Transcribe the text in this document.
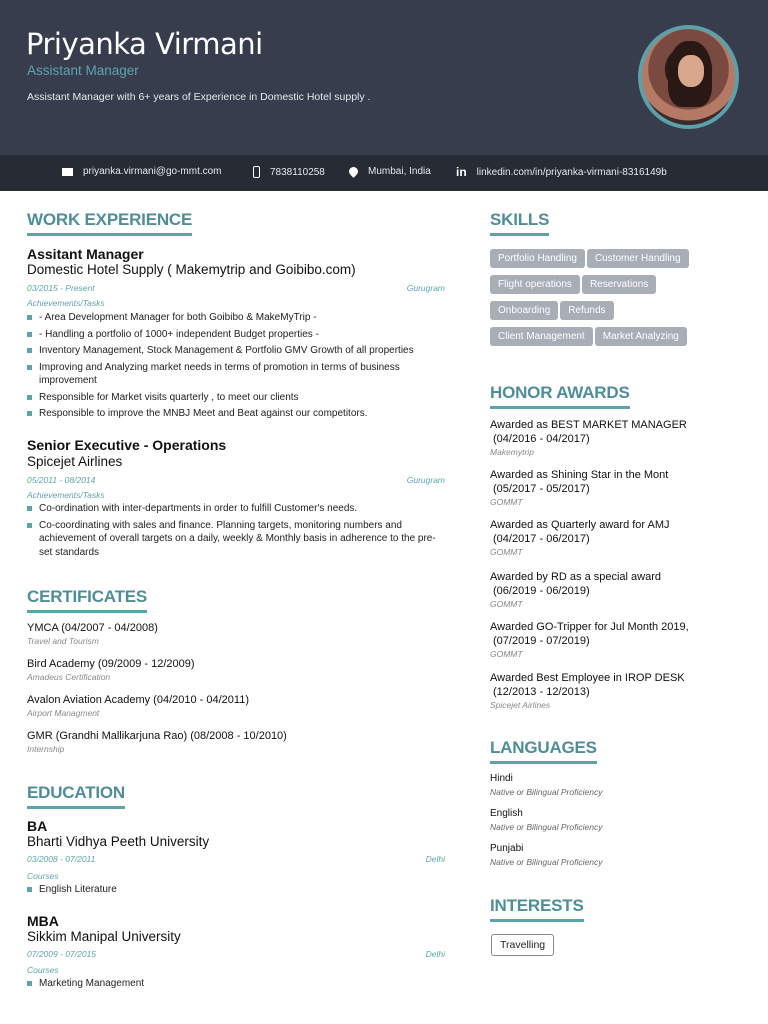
Priyanka Virmani
Assistant Manager
Assistant Manager with 6+ years of Experience in Domestic Hotel supply .
priyanka.virmani@go-mmt.com	7838110258	Mumbai, India in linkedin.com/in/priyanka-virmani-8316149b
WORK EXPERIENCE
Assitant Manager
Domestic Hotel Supply ( Makemytrip and Goibibo.com)
03/2015 - Present	Gurugram
Achievements/Tasks
- Area Development Manager for both Goibibo & MakeMyTrip -
- Handling a portfolio of 1000+ independent Budget properties -
Inventory Management, Stock Management & Portfolio GMV Growth of all properties
Improving and Analyzing market needs in terms of promotion in terms of business improvement
Responsible for Market visits quarterly , to meet our clients
Responsible to improve the MNBJ Meet and Beat against our competitors.
Senior Executive - Operations
Spicejet Airlines
05/2011 - 08/2014	Gurugram
Achievements/Tasks
Co-ordination with inter-departments in order to fulfill Customer's needs.
Co-coordinating with sales and finance. Planning targets, monitoring numbers and achievement of overall targets on a daily, weekly & Monthly basis in adherence to the pre-set standards
CERTIFICATES
YMCA (04/2007 - 04/2008)
Travel and Tourism
Bird Academy (09/2009 - 12/2009)
Amadeus Certification
Avalon Aviation Academy (04/2010 - 04/2011)
Airport Managment
GMR (Grandhi Mallikarjuna Rao) (08/2008 - 10/2010)
Internship
EDUCATION
BA
Bharti Vidhya Peeth University
03/2008 - 07/2011	Delhi
Courses
English Literature
MBA
Sikkim Manipal University
07/2009 - 07/2015	Delhi
Courses
Marketing Management
SKILLS
Portfolio Handling Customer Handling
Flight operations Reservations
Onboarding Refunds
Client Management Market Analyzing
HONOR AWARDS
Awarded as BEST MARKET MANAGER
(04/2016 - 04/2017)
Makemytrip
Awarded as Shining Star in the Mont
(05/2017 - 05/2017)
GOMMT
Awarded as Quarterly award for AMJ
(04/2017 - 06/2017)
GOMMT
Awarded by RD as a special award
(06/2019 - 06/2019)
GOMMT
Awarded GO-Tripper for Jul Month 2019,
(07/2019 - 07/2019)
GOMMT
Awarded Best Employee in IROP DESK
(12/2013 - 12/2013)
Spicejet Airlines
LANGUAGES
Hindi
Native or Bilingual Proficiency
English
Native or Bilingual Proficiency
Punjabi
Native or Bilingual Proficiency
INTERESTS
Travelling
